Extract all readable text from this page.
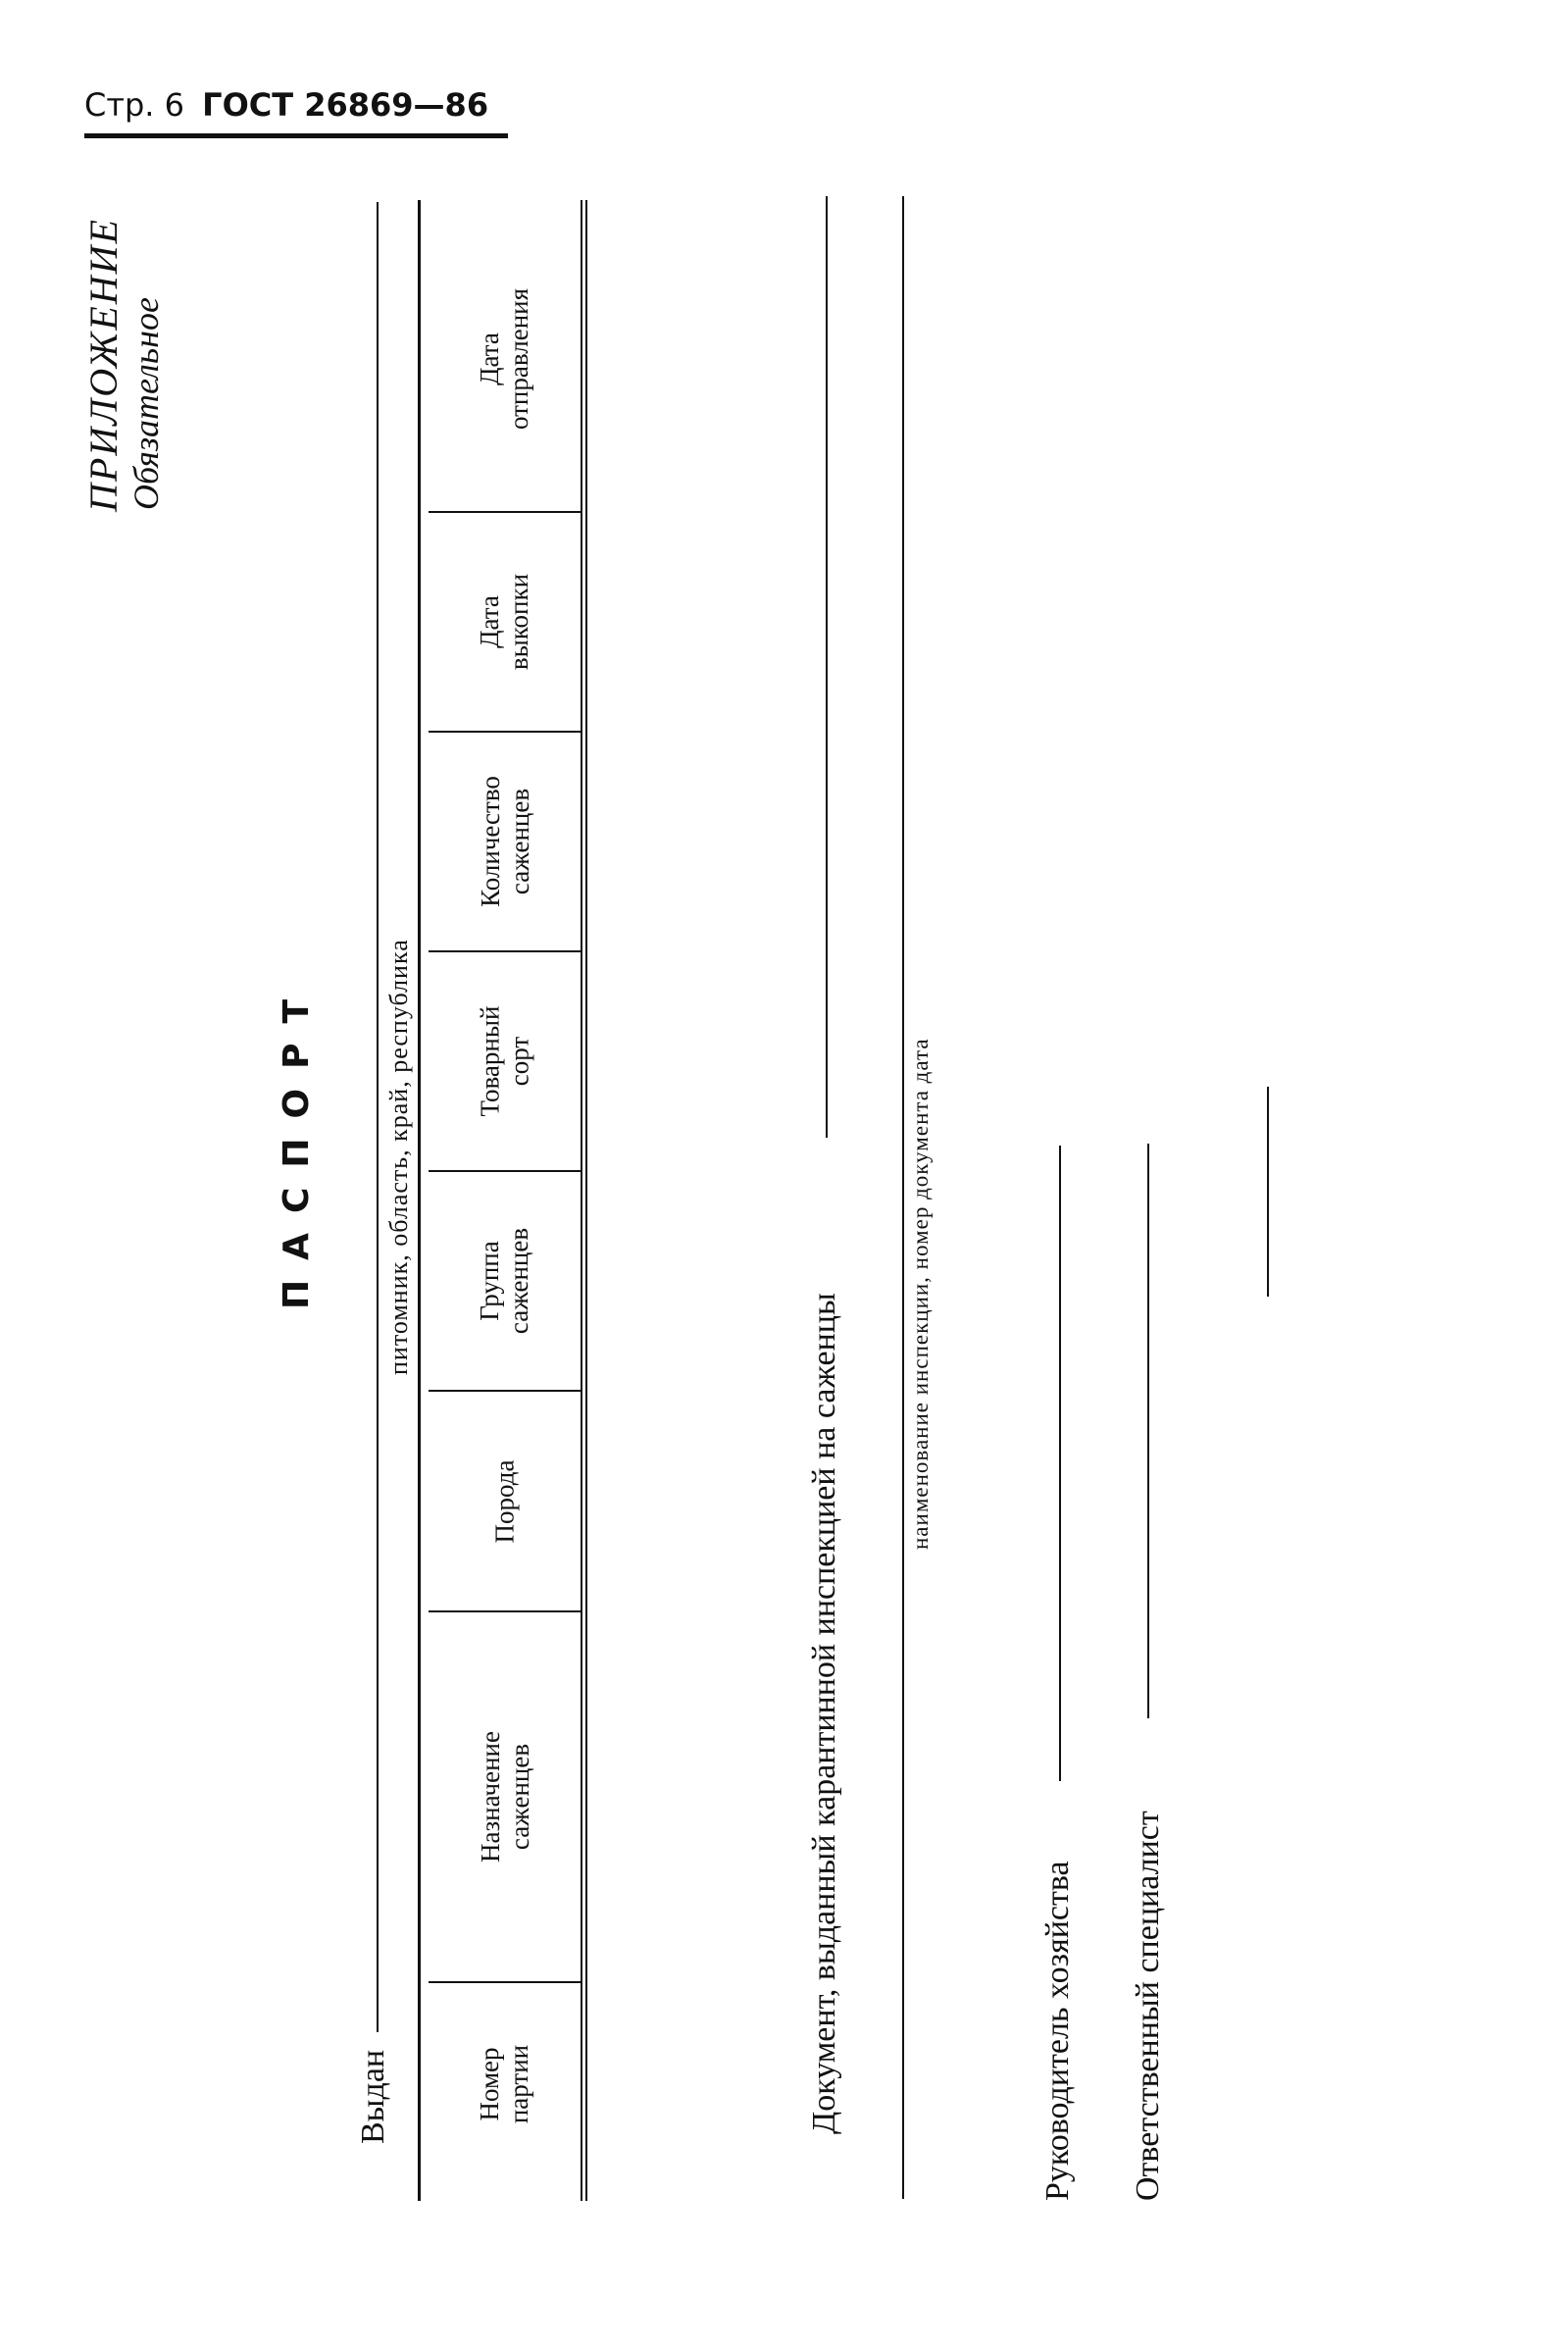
Стр. 6 ГОСТ 26869—86
ПРИЛОЖЕНИЕ Обязательное
ПАСПОРТ
Выдан
питомник, область, край, республика
Номер
партии
Назначение
саженцев
Порода
Группа
саженцев
Товарный
сорт
Количество
саженцев
Дата
выкопки
Дата
отправления
Документ, выданный карантинной инспекцией на саженцы	наименование инспекции, номер документа дата
Руководитель хозяйства Ответственный специалист
